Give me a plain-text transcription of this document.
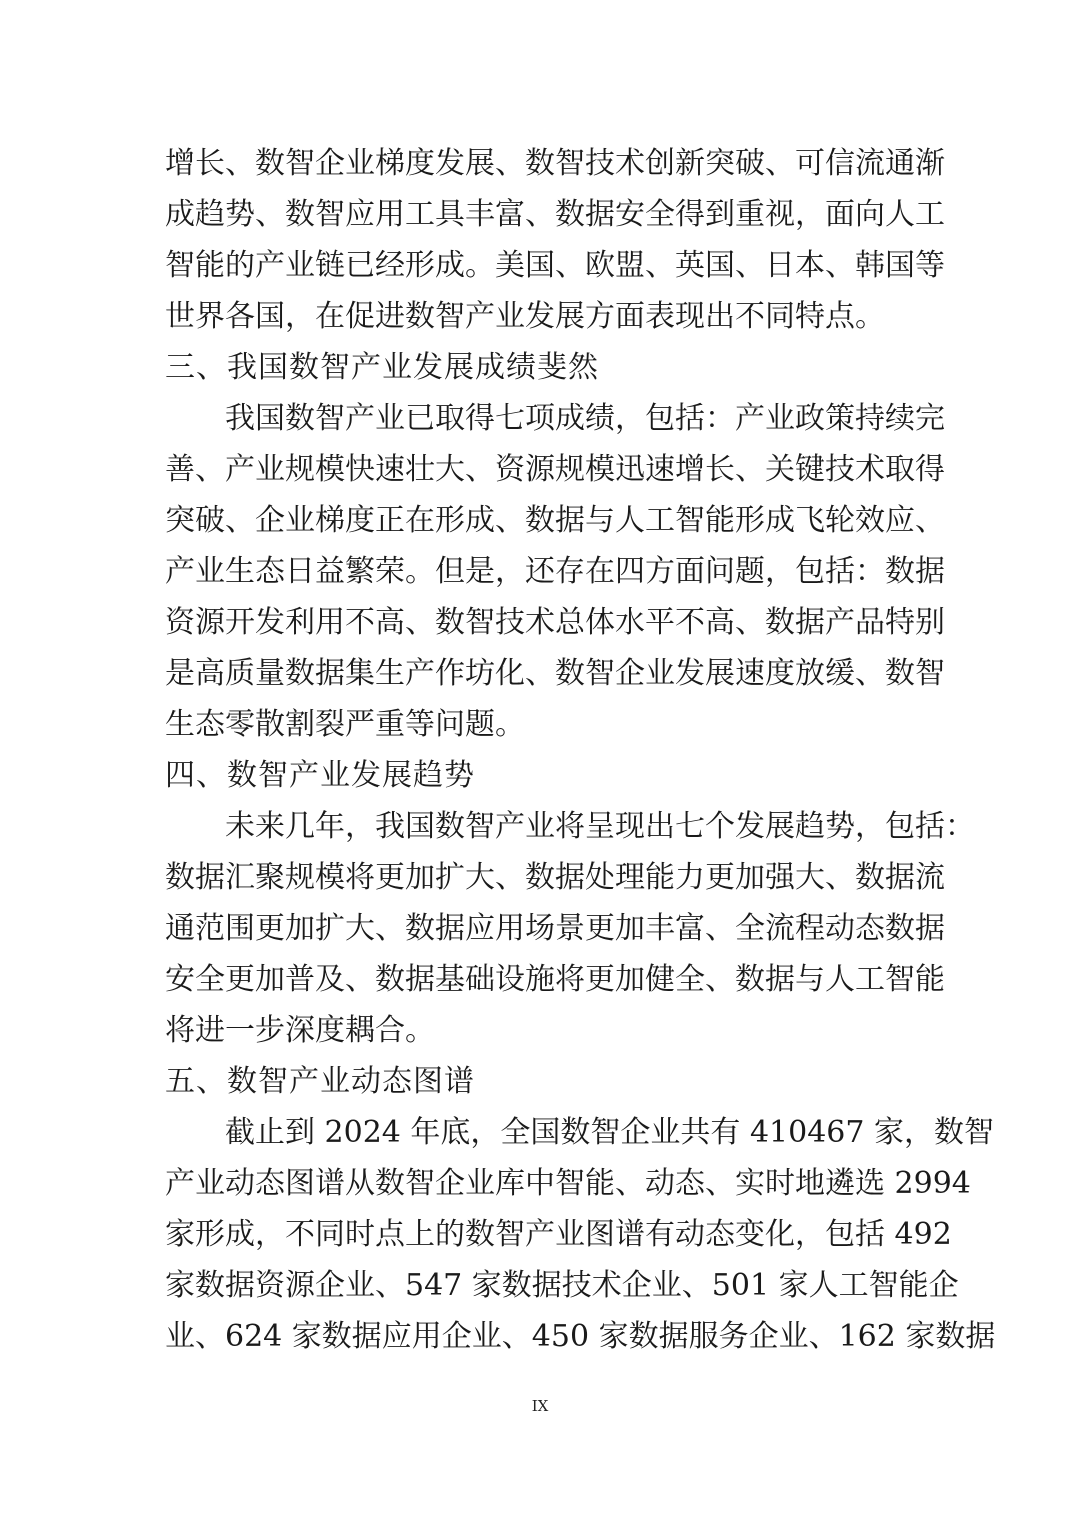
增长、数智企业梯度发展、数智技术创新突破、可信流通渐
成趋势、数智应用工具丰富、数据安全得到重视，面向人工
智能的产业链已经形成。美国、欧盟、英国、日本、韩国等
世界各国，在促进数智产业发展方面表现出不同特点。
三、我国数智产业发展成绩斐然
我国数智产业已取得七项成绩，包括：产业政策持续完
善、产业规模快速壮大、资源规模迅速增长、关键技术取得
突破、企业梯度正在形成、数据与人工智能形成飞轮效应、
产业生态日益繁荣。但是，还存在四方面问题，包括：数据
资源开发利用不高、数智技术总体水平不高、数据产品特别
是高质量数据集生产作坊化、数智企业发展速度放缓、数智
生态零散割裂严重等问题。
四、数智产业发展趋势
未来几年，我国数智产业将呈现出七个发展趋势，包括：
数据汇聚规模将更加扩大、数据处理能力更加强大、数据流
通范围更加扩大、数据应用场景更加丰富、全流程动态数据
安全更加普及、数据基础设施将更加健全、数据与人工智能
将进一步深度耦合。
五、数智产业动态图谱
截止到 2024 年底，全国数智企业共有 410467 家，数智
产业动态图谱从数智企业库中智能、动态、实时地遴选 2994
家形成，不同时点上的数智产业图谱有动态变化，包括 492
家数据资源企业、547 家数据技术企业、501 家人工智能企
业、624 家数据应用企业、450 家数据服务企业、162 家数据
IX
